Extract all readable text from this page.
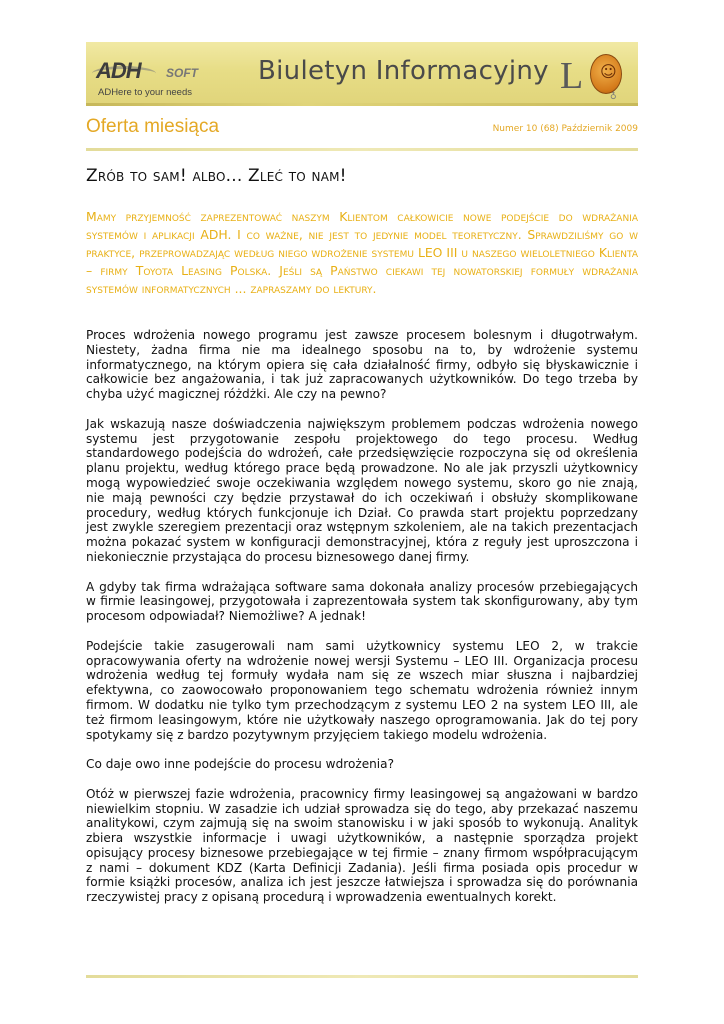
ADH SOFT
ADHere to your needs
Biuletyn Informacyjny L ☺
♁
Oferta miesiąca	Numer 10 (68) Październik 2009
Zrób to sam! albo... Zleć to nam!
Mamy przyjemność zaprezentować naszym Klientom całkowicie nowe podejście do wdrażania systemów i aplikacji ADH. I co ważne, nie jest to jedynie model teoretyczny. Sprawdziliśmy go w praktyce, przeprowadzając według niego wdrożenie systemu LEO III u naszego wieloletniego Klienta – firmy Toyota Leasing Polska. Jeśli są Państwo ciekawi tej nowatorskiej formuły wdrażania systemów informatycznych ... zapraszamy do lektury.

Proces wdrożenia nowego programu jest zawsze procesem bolesnym i długotrwałym. Niestety, żadna firma nie ma idealnego sposobu na to, by wdrożenie systemu informatycznego, na którym opiera się cała działalność firmy, odbyło się błyskawicznie i całkowicie bez angażowania, i tak już zapracowanych użytkowników. Do tego trzeba by chyba użyć magicznej różdżki. Ale czy na pewno?

Jak wskazują nasze doświadczenia największym problemem podczas wdrożenia nowego systemu jest przygotowanie zespołu projektowego do tego procesu. Według standardowego podejścia do wdrożeń, całe przedsięwzięcie rozpoczyna się od określenia planu projektu, według którego prace będą prowadzone. No ale jak przyszli użytkownicy mogą wypowiedzieć swoje oczekiwania względem nowego systemu, skoro go nie znają, nie mają pewności czy będzie przystawał do ich oczekiwań i obsłuży skomplikowane procedury, według których funkcjonuje ich Dział. Co prawda start projektu poprzedzany jest zwykle szeregiem prezentacji oraz wstępnym szkoleniem, ale na takich prezentacjach można pokazać system w konfiguracji demonstracyjnej, która z reguły jest uproszczona i niekoniecznie przystająca do procesu biznesowego danej firmy.

A gdyby tak firma wdrażająca software sama dokonała analizy procesów przebiegających w firmie leasingowej, przygotowała i zaprezentowała system tak skonfigurowany, aby tym procesom odpowiadał? Niemożliwe? A jednak!

Podejście takie zasugerowali nam sami użytkownicy systemu LEO 2, w trakcie opracowywania oferty na wdrożenie nowej wersji Systemu – LEO III. Organizacja procesu wdrożenia według tej formuły wydała nam się ze wszech miar słuszna i najbardziej efektywna, co zaowocowało proponowaniem tego schematu wdrożenia również innym firmom. W dodatku nie tylko tym przechodzącym z systemu LEO 2 na system LEO III, ale też firmom leasingowym, które nie użytkowały naszego oprogramowania. Jak do tej pory spotykamy się z bardzo pozytywnym przyjęciem takiego modelu wdrożenia.

Co daje owo inne podejście do procesu wdrożenia?

Otóż w pierwszej fazie wdrożenia, pracownicy firmy leasingowej są angażowani w bardzo niewielkim stopniu. W zasadzie ich udział sprowadza się do tego, aby przekazać naszemu analitykowi, czym zajmują się na swoim stanowisku i w jaki sposób to wykonują. Analityk zbiera wszystkie informacje i uwagi użytkowników, a następnie sporządza projekt opisujący procesy biznesowe przebiegające w tej firmie – znany firmom współpracującym z nami – dokument KDZ (Karta Definicji Zadania). Jeśli firma posiada opis procedur w formie książki procesów, analiza ich jest jeszcze łatwiejsza i sprowadza się do porównania rzeczywistej pracy z opisaną procedurą i wprowadzenia ewentualnych korekt.
